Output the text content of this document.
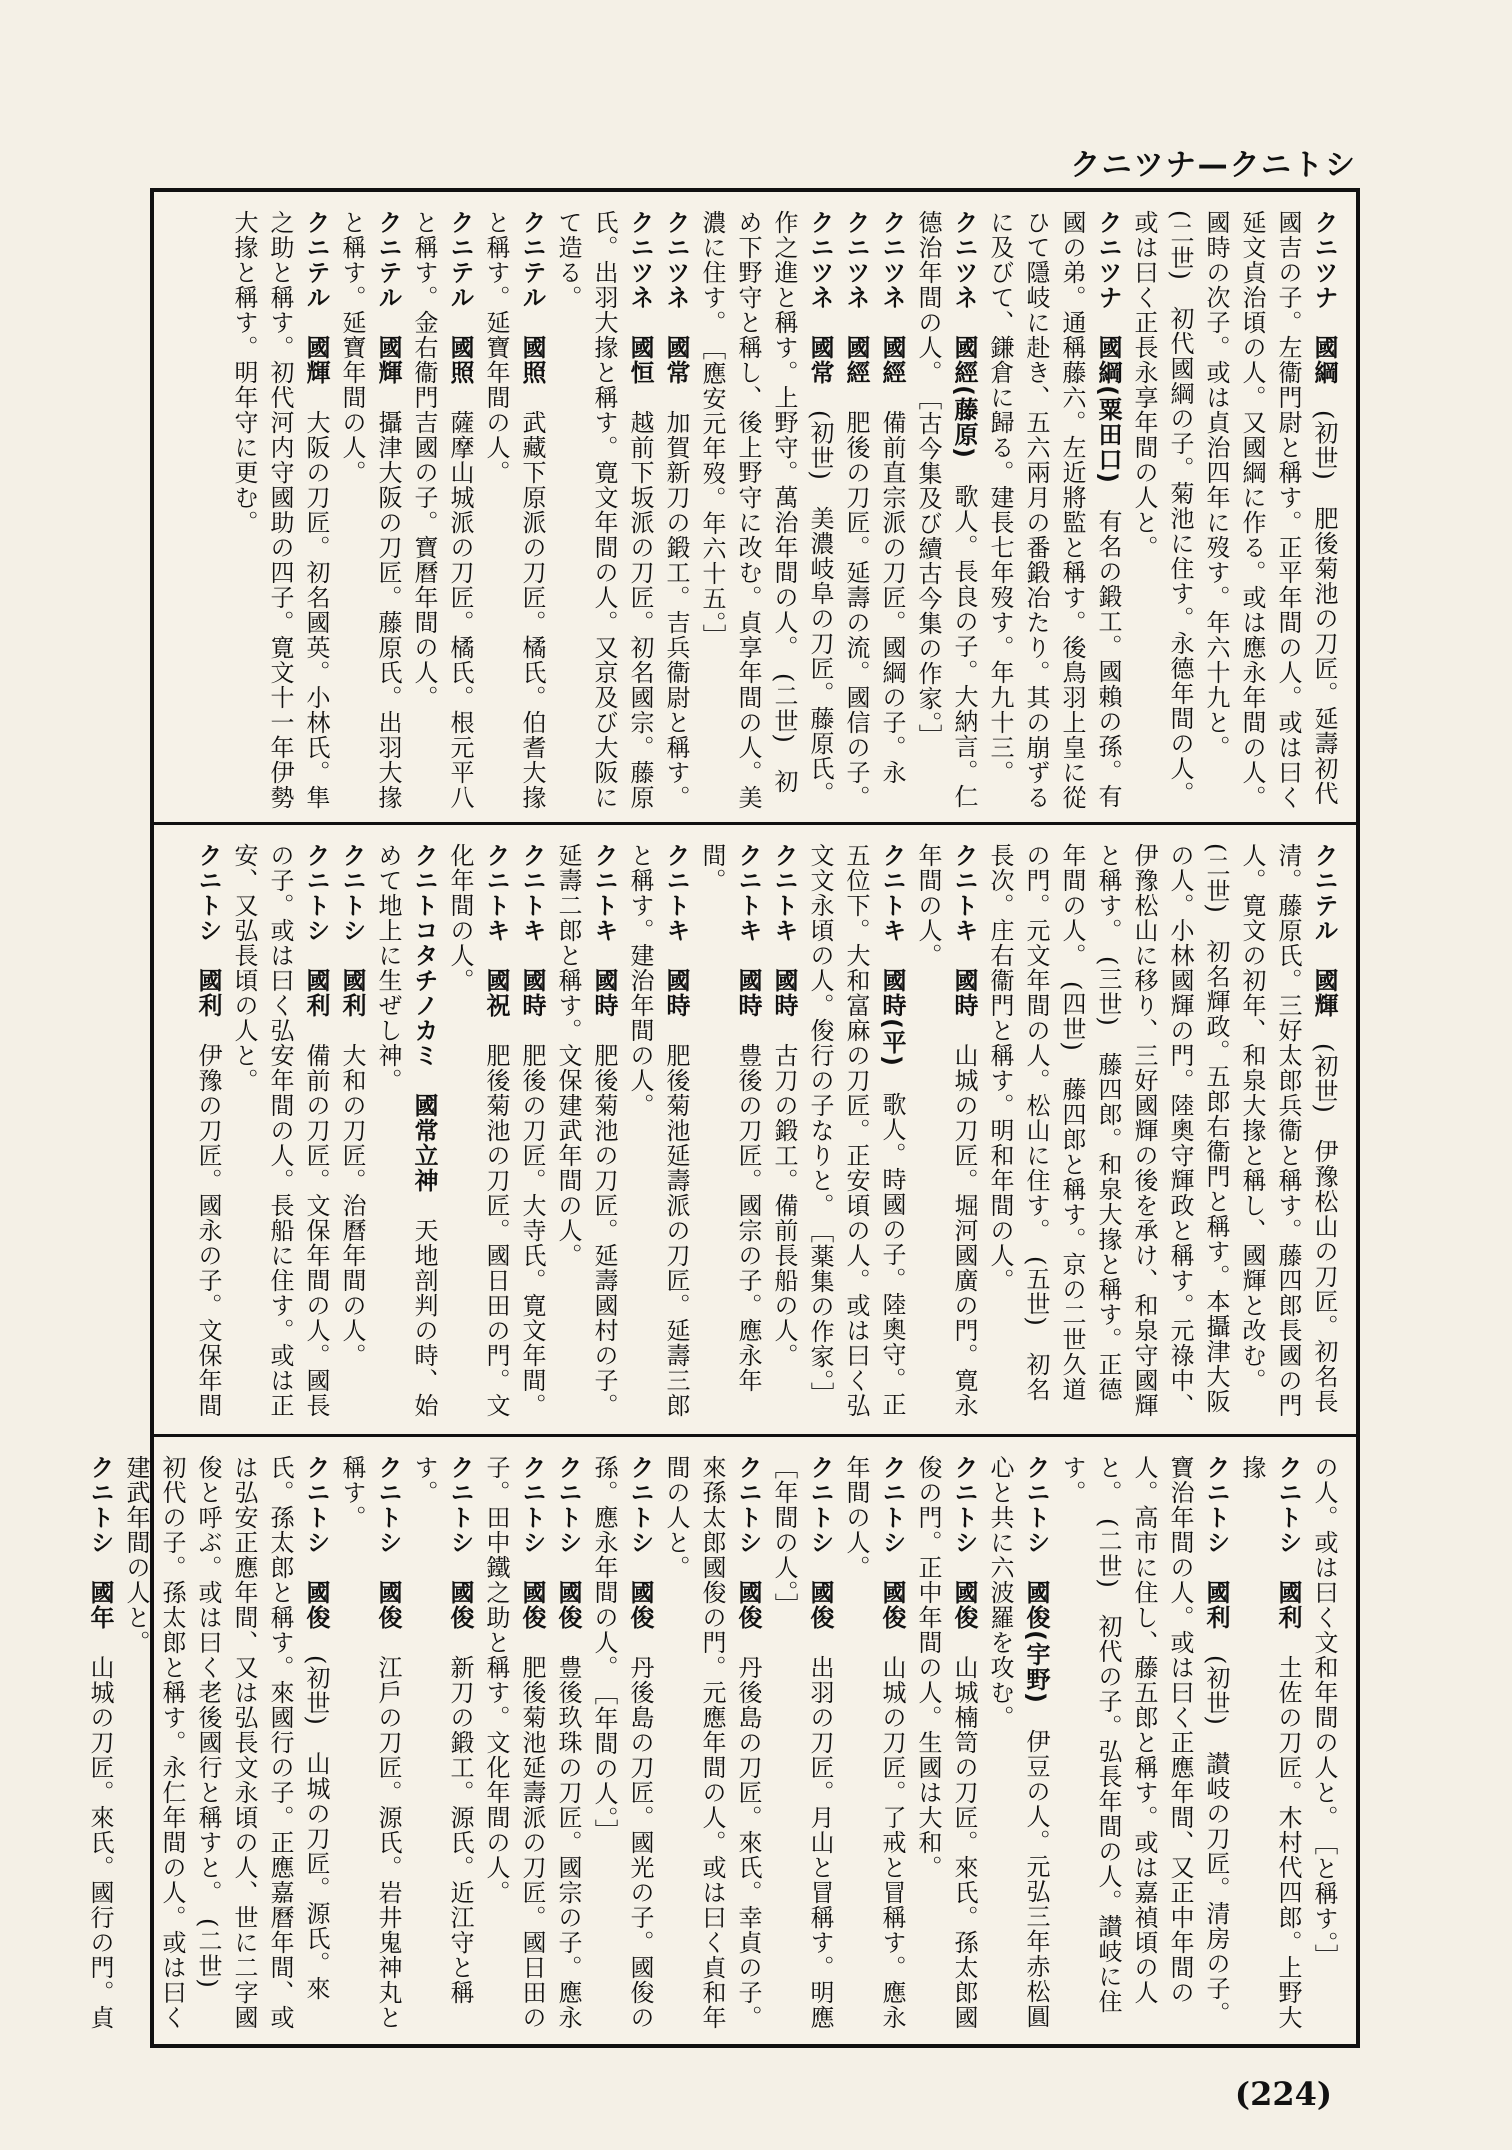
クニツナ—クニトシ
クニツナ　國綱　(初世)　肥後菊池の刀匠。延壽初代國吉の子。左衞門尉と稱す。正平年間の人。或は曰く延文貞治頃の人。又國綱に作る。或は應永年間の人。國時の次子。或は貞治四年に歿す。年六十九と。
(二世)　初代國綱の子。菊池に住す。永德年間の人。或は曰く正長永享年間の人と。
クニツナ　國綱(粟田口)　有名の鍛工。國賴の孫。有國の弟。通稱藤六。左近將監と稱す。後鳥羽上皇に從ひて隱岐に赴き、五六兩月の番鍛冶たり。其の崩ずるに及びて、鎌倉に歸る。建長七年歿す。年九十三。
クニツネ　國經(藤原)　歌人。長良の子。大納言。仁德治年間の人。　［古今集及び續古今集の作家。］
クニツネ　國經　備前直宗派の刀匠。國綱の子。永
クニツネ　國經　肥後の刀匠。延壽の流。國信の子。
クニツネ　國常　(初世)　美濃岐阜の刀匠。藤原氏。作之進と稱す。上野守。萬治年間の人。　(二世)　初め下野守と稱し、後上野守に改む。貞享年間の人。美濃に住す。　［應安元年歿。年六十五。］
クニツネ　國常　加賀新刀の鍛工。吉兵衞尉と稱す。
クニツネ　國恒　越前下坂派の刀匠。初名國宗。藤原氏。出羽大掾と稱す。寛文年間の人。又京及び大阪にて造る。
クニテル　國照　武藏下原派の刀匠。橘氏。伯耆大掾と稱す。延寶年間の人。
クニテル　國照　薩摩山城派の刀匠。橘氏。根元平八と稱す。金右衞門吉國の子。寶曆年間の人。
クニテル　國輝　攝津大阪の刀匠。藤原氏。出羽大掾と稱す。延寶年間の人。
クニテル　國輝　大阪の刀匠。初名國英。小林氏。隼之助と稱す。初代河内守國助の四子。寛文十一年伊勢大掾と稱す。明年守に更む。
クニテル　國輝　(初世)　伊豫松山の刀匠。初名長清。藤原氏。三好太郎兵衞と稱す。藤四郎長國の門人。寛文の初年、和泉大掾と稱し、國輝と改む。
(二世)　初名輝政。五郎右衞門と稱す。本攝津大阪の人。小林國輝の門。陸奧守輝政と稱す。元祿中、伊豫松山に移り、三好國輝の後を承け、和泉守國輝と稱す。　(三世)　藤四郎。和泉大掾と稱す。正德年間の人。　(四世)　藤四郎と稱す。京の二世久道の門。元文年間の人。松山に住す。　(五世)　初名長次。庄右衞門と稱す。明和年間の人。
クニトキ　國時　山城の刀匠。堀河國廣の門。寛永年間の人。
クニトキ　國時(平)　歌人。時國の子。陸奧守。正五位下。大和富麻の刀匠。正安頃の人。或は曰く弘文文永頃の人。俊行の子なりと。　［薬集の作家。］
クニトキ　國時　古刀の鍛工。備前長船の人。
クニトキ　國時　豊後の刀匠。國宗の子。應永年間。
クニトキ　國時　肥後菊池延壽派の刀匠。延壽三郎と稱す。建治年間の人。
クニトキ　國時　肥後菊池の刀匠。延壽國村の子。延壽二郎と稱す。文保建武年間の人。
クニトキ　國時　肥後の刀匠。大寺氏。寛文年間。
クニトキ　國祝　肥後菊池の刀匠。國日田の門。文化年間の人。
クニトコタチノカミ　國常立神　天地剖判の時、始めて地上に生ぜし神。
クニトシ　國利　大和の刀匠。治曆年間の人。
クニトシ　國利　備前の刀匠。文保年間の人。國長の子。或は曰く弘安年間の人。長船に住す。或は正安、又弘長頃の人と。
クニトシ　國利　伊豫の刀匠。國永の子。文保年間
の人。或は曰く文和年間の人と。　［と稱す。］
クニトシ　國利　土佐の刀匠。木村代四郎。上野大掾
クニトシ　國利　(初世)　讃岐の刀匠。清房の子。寶治年間の人。或は曰く正應年間、又正中年間の人。高市に住し、藤五郎と稱す。或は嘉禎頃の人と。　(二世)　初代の子。弘長年間の人。讃岐に住す。
クニトシ　國俊(宇野)　伊豆の人。元弘三年赤松圓心と共に六波羅を攻む。
クニトシ　國俊　山城楠笥の刀匠。來氏。孫太郎國俊の門。正中年間の人。生國は大和。
クニトシ　國俊　山城の刀匠。了戒と冒稱す。應永年間の人。
クニトシ　國俊　出羽の刀匠。月山と冒稱す。明應　［年間の人。］
クニトシ　國俊　丹後島の刀匠。來氏。幸貞の子。來孫太郎國俊の門。元應年間の人。或は曰く貞和年間の人と。
クニトシ　國俊　丹後島の刀匠。國光の子。國俊の孫。應永年間の人。　［年間の人。］
クニトシ　國俊　豊後玖珠の刀匠。國宗の子。應永
クニトシ　國俊　肥後菊池延壽派の刀匠。國日田の子。田中鐵之助と稱す。文化年間の人。
クニトシ　國俊　新刀の鍛工。源氏。近江守と稱す。
クニトシ　國俊　江戶の刀匠。源氏。岩井鬼神丸と稱す。
クニトシ　國俊　(初世)　山城の刀匠。源氏。來氏。孫太郎と稱す。來國行の子。正應嘉曆年間、或は弘安正應年間、又は弘長文永頃の人、世に二字國俊と呼ぶ。或は曰く老後國行と稱すと。　(二世)　初代の子。孫太郎と稱す。永仁年間の人。或は曰く建武年間の人と。
クニトシ　國年　山城の刀匠。來氏。國行の門。貞
(224)
